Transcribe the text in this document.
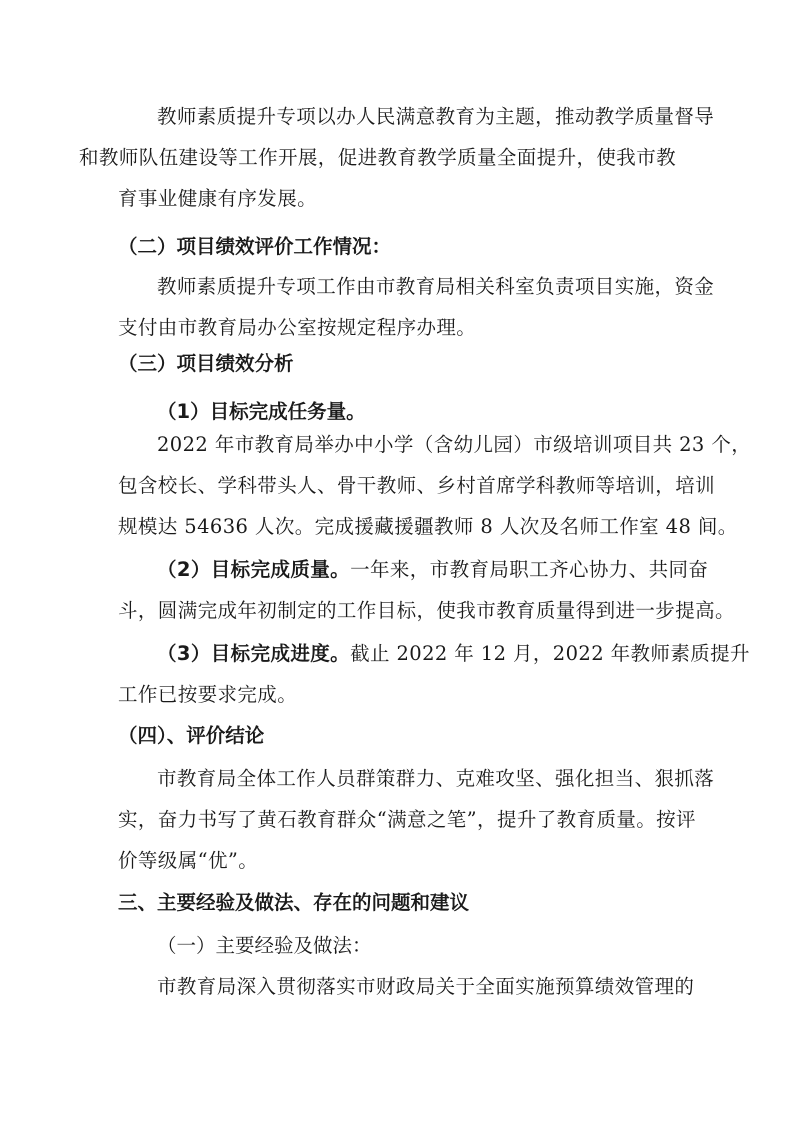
教师素质提升专项以办人民满意教育为主题，推动教学质量督导
和教师队伍建设等工作开展，促进教育教学质量全面提升，使我市教
育事业健康有序发展。
（二）项目绩效评价工作情况：
教师素质提升专项工作由市教育局相关科室负责项目实施，资金
支付由市教育局办公室按规定程序办理。
（三）项目绩效分析
（1）目标完成任务量。
2022 年市教育局举办中小学（含幼儿园）市级培训项目共 23 个，
包含校长、学科带头人、骨干教师、乡村首席学科教师等培训，培训
规模达 54636 人次。完成援藏援疆教师 8 人次及名师工作室 48 间。
（2）目标完成质量。一年来，市教育局职工齐心协力、共同奋
斗，圆满完成年初制定的工作目标，使我市教育质量得到进一步提高。
（3）目标完成进度。截止 2022 年 12 月，2022 年教师素质提升
工作已按要求完成。
（四）、评价结论
市教育局全体工作人员群策群力、克难攻坚、强化担当、狠抓落
实，奋力书写了黄石教育群众“满意之笔”，提升了教育质量。按评
价等级属“优”。
三、主要经验及做法、存在的问题和建议
（一）主要经验及做法：
市教育局深入贯彻落实市财政局关于全面实施预算绩效管理的
